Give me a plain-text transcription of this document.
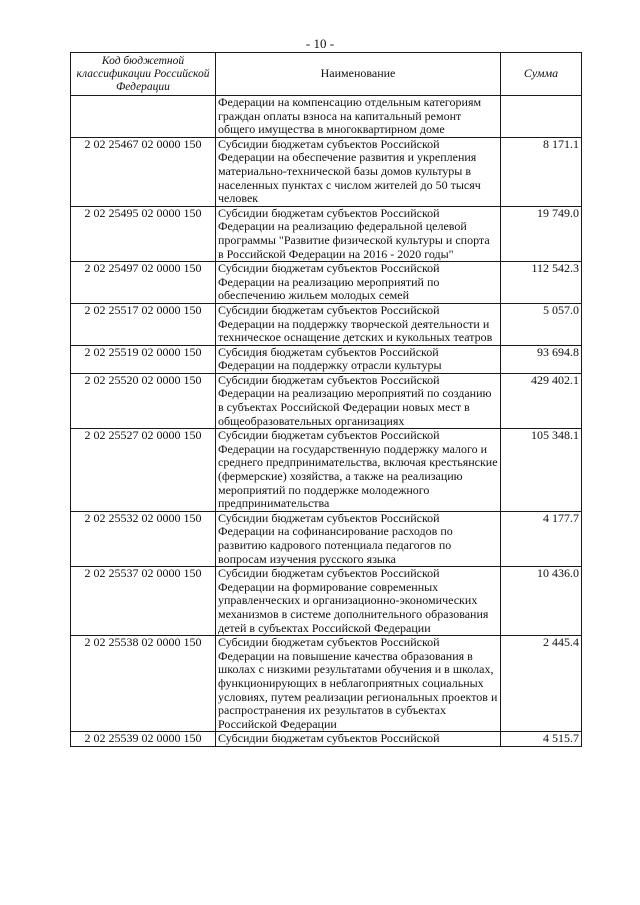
- 10 -
Код бюджетной классификации Российской Федерации	Наименование	Сумма
	Федерации на компенсацию отдельным категориям граждан оплаты взноса на капитальный ремонт общего имущества в многоквартирном доме	
2 02 25467 02 0000 150	Субсидии бюджетам субъектов Российской Федерации на обеспечение развития и укрепления материально-технической базы домов культуры в населенных пунктах с числом жителей до 50 тысяч человек	8 171.1
2 02 25495 02 0000 150	Субсидии бюджетам субъектов Российской Федерации на реализацию федеральной целевой программы "Развитие физической культуры и спорта в Российской Федерации на 2016 - 2020 годы"	19 749.0
2 02 25497 02 0000 150	Субсидии бюджетам субъектов Российской Федерации на реализацию мероприятий по обеспечению жильем молодых семей	112 542.3
2 02 25517 02 0000 150	Субсидии бюджетам субъектов Российской Федерации на поддержку творческой деятельности и техническое оснащение детских и кукольных театров	5 057.0
2 02 25519 02 0000 150	Субсидия бюджетам субъектов Российской Федерации на поддержку отрасли культуры	93 694.8
2 02 25520 02 0000 150	Субсидии бюджетам субъектов Российской Федерации на реализацию мероприятий по созданию в субъектах Российской Федерации новых мест в общеобразовательных организациях	429 402.1
2 02 25527 02 0000 150	Субсидии бюджетам субъектов Российской Федерации на государственную поддержку малого и среднего предпринимательства, включая крестьянские (фермерские) хозяйства, а также на реализацию мероприятий по поддержке молодежного предпринимательства	105 348.1
2 02 25532 02 0000 150	Субсидии бюджетам субъектов Российской Федерации на софинансирование расходов по развитию кадрового потенциала педагогов по вопросам изучения русского языка	4 177.7
2 02 25537 02 0000 150	Субсидии бюджетам субъектов Российской Федерации на формирование современных управленческих и организационно-экономических механизмов в системе дополнительного образования детей в субъектах Российской Федерации	10 436.0
2 02 25538 02 0000 150	Субсидии бюджетам субъектов Российской Федерации на повышение качества образования в школах с низкими результатами обучения и в школах, функционирующих в неблагоприятных социальных условиях, путем реализации региональных проектов и распространения их результатов в субъектах Российской Федерации	2 445.4
2 02 25539 02 0000 150	Субсидии бюджетам субъектов Российской	4 515.7
